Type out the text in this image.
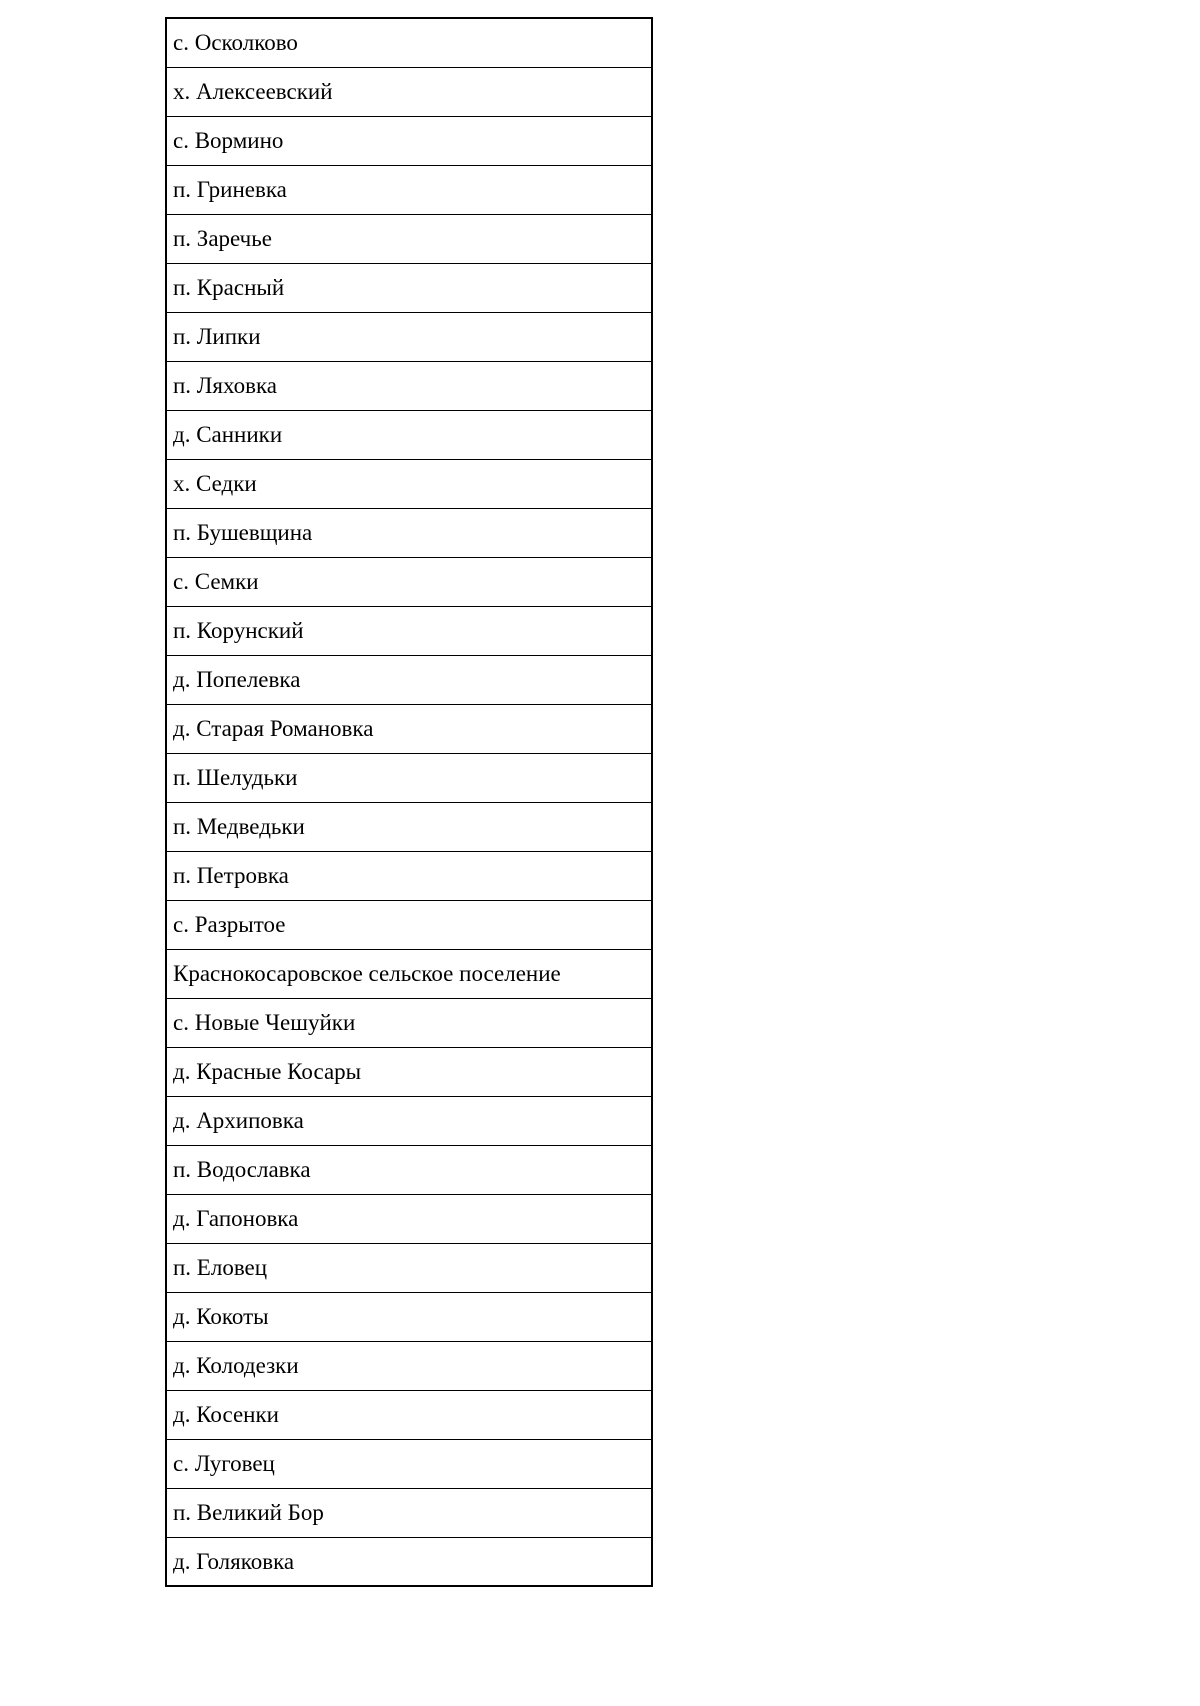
с. Осколково
х. Алексеевский
с. Вормино
п. Гриневка
п. Заречье
п. Красный
п. Липки
п. Ляховка
д. Санники
х. Седки
п. Бушевщина
с. Семки
п. Корунский
д. Попелевка
д. Старая Романовка
п. Шелудьки
п. Медведьки
п. Петровка
с. Разрытое
Краснокосаровское сельское поселение
с. Новые Чешуйки
д. Красные Косары
д. Архиповка
п. Водославка
д. Гапоновка
п. Еловец
д. Кокоты
д. Колодезки
д. Косенки
с. Луговец
п. Великий Бор
д. Голяковка
